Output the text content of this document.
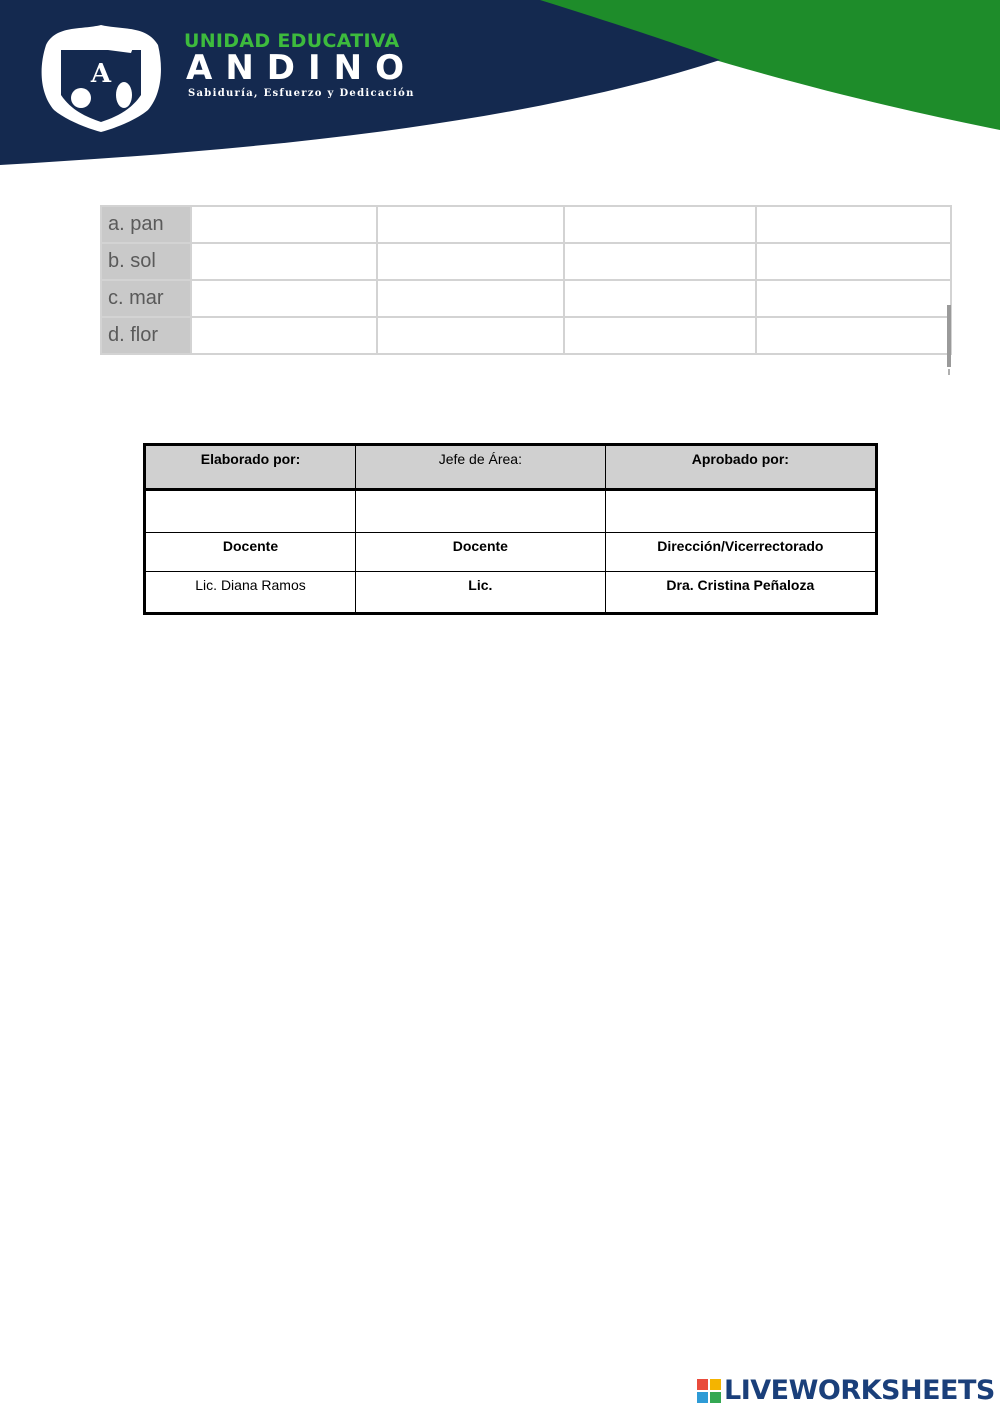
A
UNIDAD EDUCATIVA
ANDINO
Sabiduría, Esfuerzo y Dedicación
a. pan				
b. sol				
c. mar				
d. flor				
Elaborado por:	Jefe de Área:	Aprobado por:

Docente	Docente	Dirección/Vicerrectorado
Lic. Diana Ramos	Lic.	Dra. Cristina Peñaloza
LIVEWORKSHEETS
